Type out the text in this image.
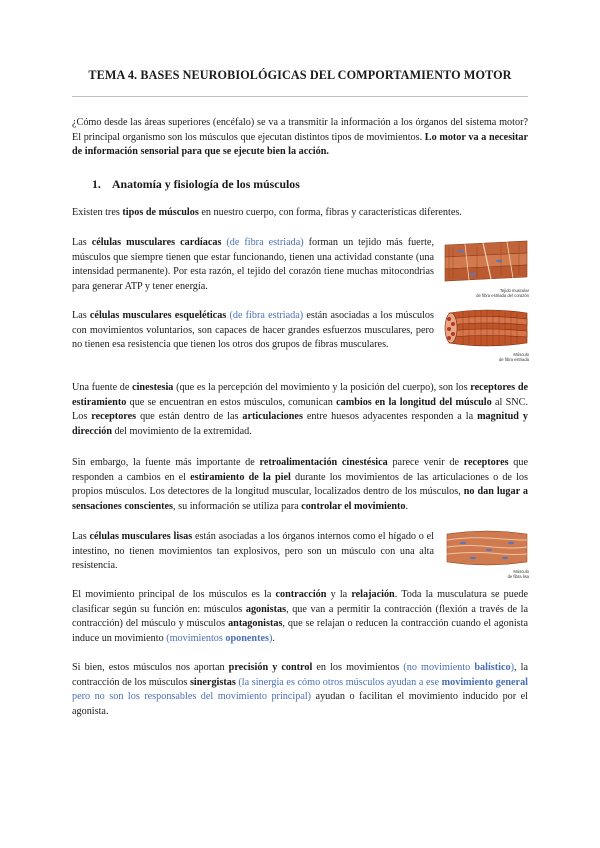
TEMA 4. BASES NEUROBIOLÓGICAS DEL COMPORTAMIENTO MOTOR

¿Cómo desde las áreas superiores (encéfalo) se va a transmitir la información a los órganos del sistema motor? El principal organismo son los músculos que ejecutan distintos tipos de movimientos. Lo motor va a necesitar de información sensorial para que se ejecute bien la acción.

1. Anatomía y fisiología de los músculos

Existen tres tipos de músculos en nuestro cuerpo, con forma, fibras y características diferentes.

Las células musculares cardíacas (de fibra estriada) forman un tejido más fuerte, músculos que siempre tienen que estar funcionando, tienen una actividad constante (una intensidad permanente). Por esta razón, el tejido del corazón tiene muchas mitocondrias para generar ATP y tener energía.	Tejido muscular
de fibra estriada del corazón

Las células musculares esqueléticas (de fibra estriada) están asociadas a los músculos con movimientos voluntarios, son capaces de hacer grandes esfuerzos musculares, pero no tienen esa resistencia que tienen los otros dos grupos de fibras musculares.

Músculo
de fibra estriada

Una fuente de cinestesia (que es la percepción del movimiento y la posición del cuerpo), son los receptores de estiramiento que se encuentran en estos músculos, comunican cambios en la longitud del músculo al SNC. Los receptores que están dentro de las articulaciones entre huesos adyacentes responden a la magnitud y dirección del movimiento de la extremidad.

Sin embargo, la fuente más importante de retroalimentación cinestésica parece venir de receptores que responden a cambios en el estiramiento de la piel durante los movimientos de las articulaciones o de los propios músculos. Los detectores de la longitud muscular, localizados dentro de los músculos, no dan lugar a sensaciones conscientes, su información se utiliza para controlar el movimiento.

Las células musculares lisas están asociadas a los órganos internos como el hígado o el intestino, no tienen movimientos tan explosivos, pero son un músculo con una alta resistencia.

Músculo
de fibra lisa

El movimiento principal de los músculos es la contracción y la relajación. Toda la musculatura se puede clasificar según su función en: músculos agonistas, que van a permitir la contracción (flexión a través de la contracción) del músculo y músculos antagonistas, que se relajan o reducen la contracción cuando el agonista induce un movimiento (movimientos oponentes).

Si bien, estos músculos nos aportan precisión y control en los movimientos (no movimiento balístico), la contracción de los músculos sinergistas (la sinergia es cómo otros músculos ayudan a ese movimiento general pero no son los responsables del movimiento principal) ayudan o facilitan el movimiento inducido por el agonista.
